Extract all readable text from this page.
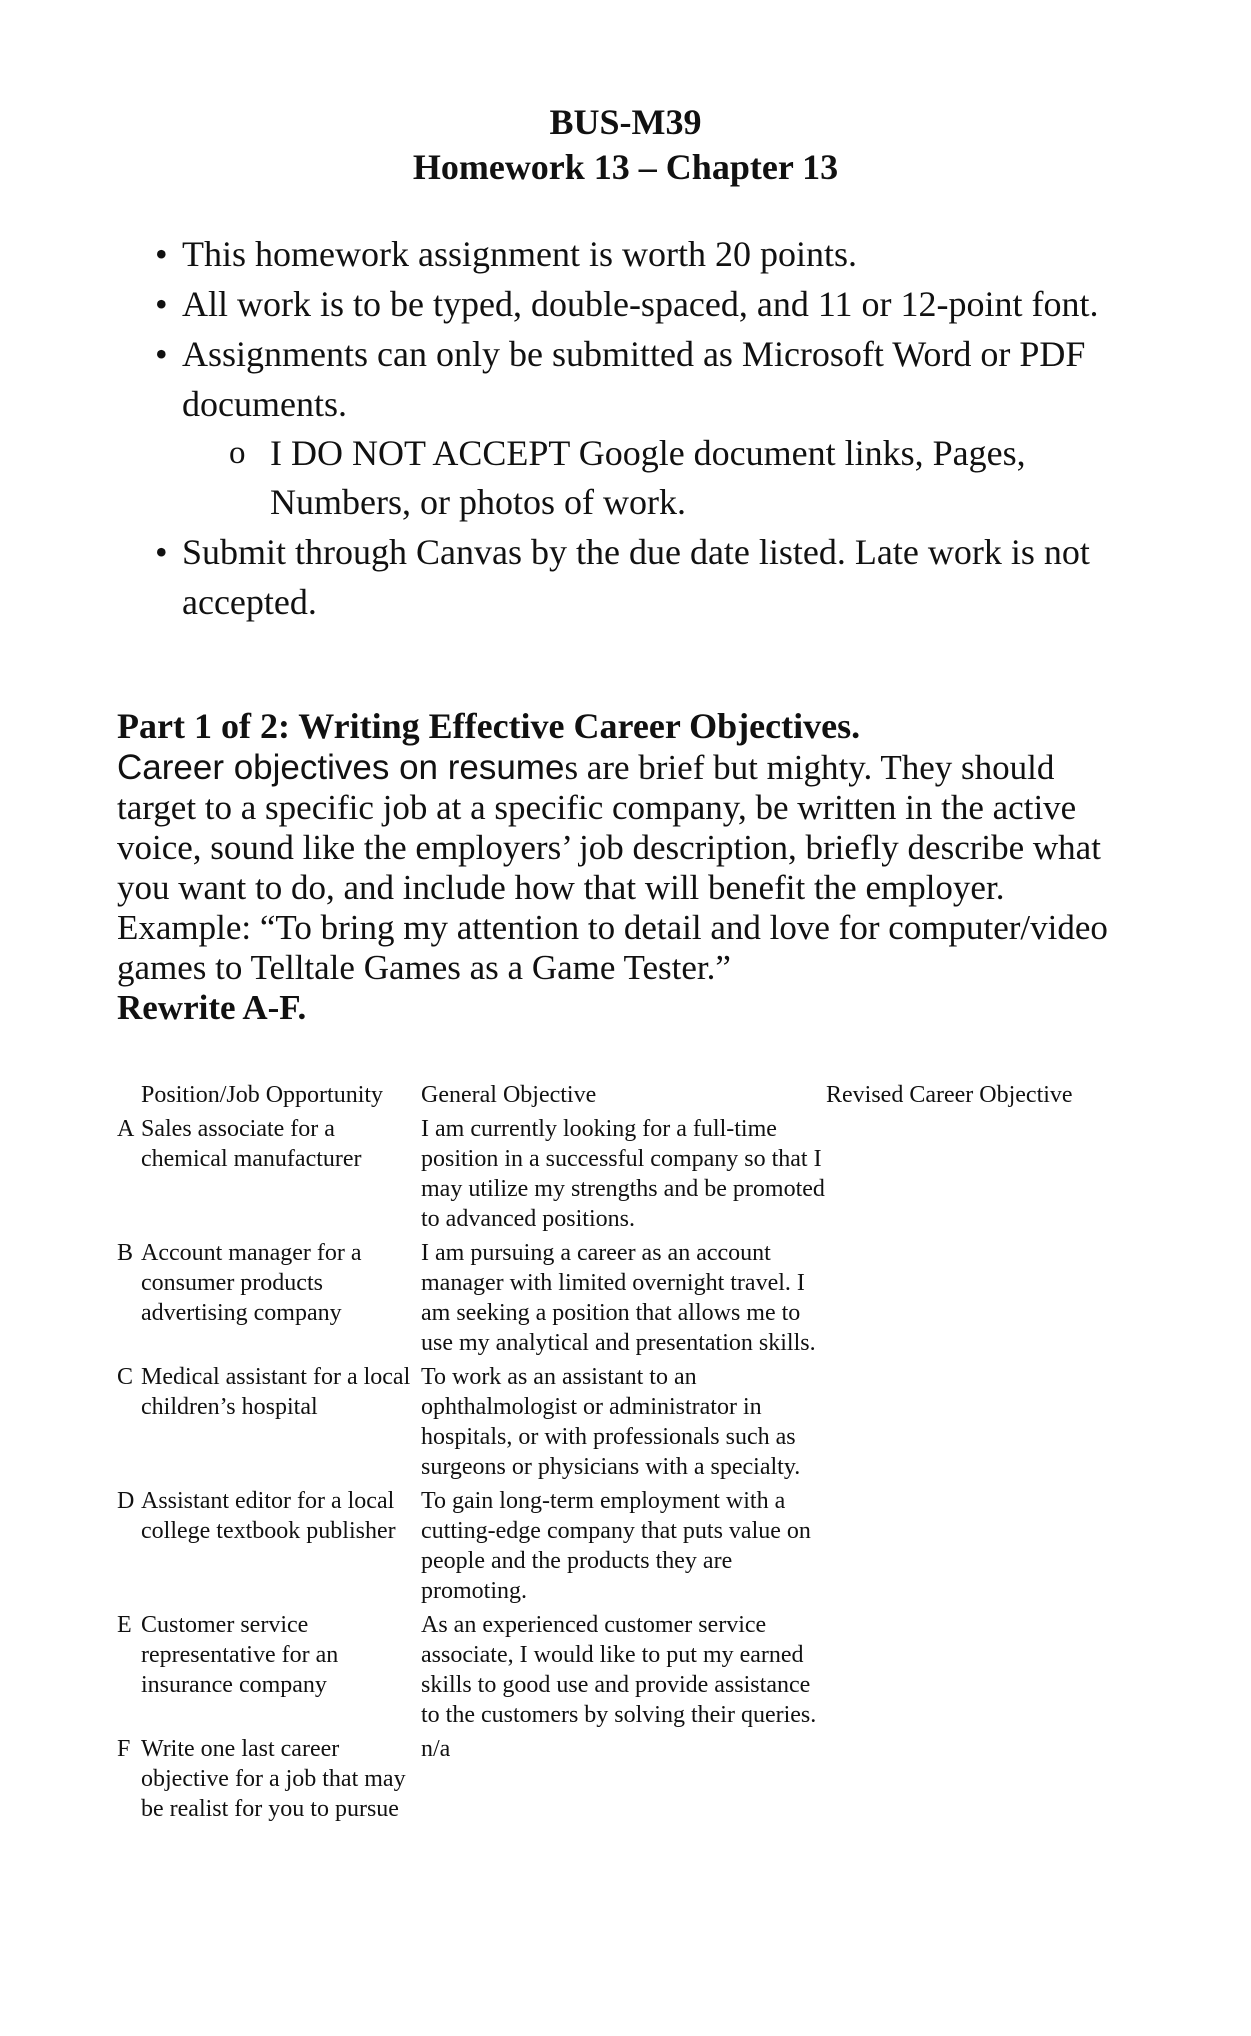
BUS-M39
Homework 13 – Chapter 13
• This homework assignment is worth 20 points.
• All work is to be typed, double-spaced, and 11 or 12-point font.
• Assignments can only be submitted as Microsoft Word or PDF documents.
o I DO NOT ACCEPT Google document links, Pages, Numbers, or photos of work.
• Submit through Canvas by the due date listed. Late work is not accepted.
Part 1 of 2: Writing Effective Career Objectives.
Career objectives on resumes are brief but mighty. They should target to a specific job at a specific company, be written in the active voice, sound like the employers’ job description, briefly describe what you want to do, and include how that will benefit the employer. Example: “To bring my attention to detail and love for computer/video games to Telltale Games as a Game Tester.”
Rewrite A-F.
	Position/Job Opportunity	General Objective	Revised Career Objective
A	Sales associate for a chemical manufacturer	I am currently looking for a full-time position in a successful company so that I may utilize my strengths and be promoted to advanced positions.	
B	Account manager for a consumer products advertising company	I am pursuing a career as an account manager with limited overnight travel. I am seeking a position that allows me to use my analytical and presentation skills.	
C	Medical assistant for a local children’s hospital	To work as an assistant to an ophthalmologist or administrator in hospitals, or with professionals such as surgeons or physicians with a specialty.	
D	Assistant editor for a local college textbook publisher	To gain long-term employment with a cutting-edge company that puts value on people and the products they are promoting.	
E	Customer service representative for an insurance company	As an experienced customer service associate, I would like to put my earned skills to good use and provide assistance to the customers by solving their queries.	
F	Write one last career objective for a job that may be realist for you to pursue	n/a	
